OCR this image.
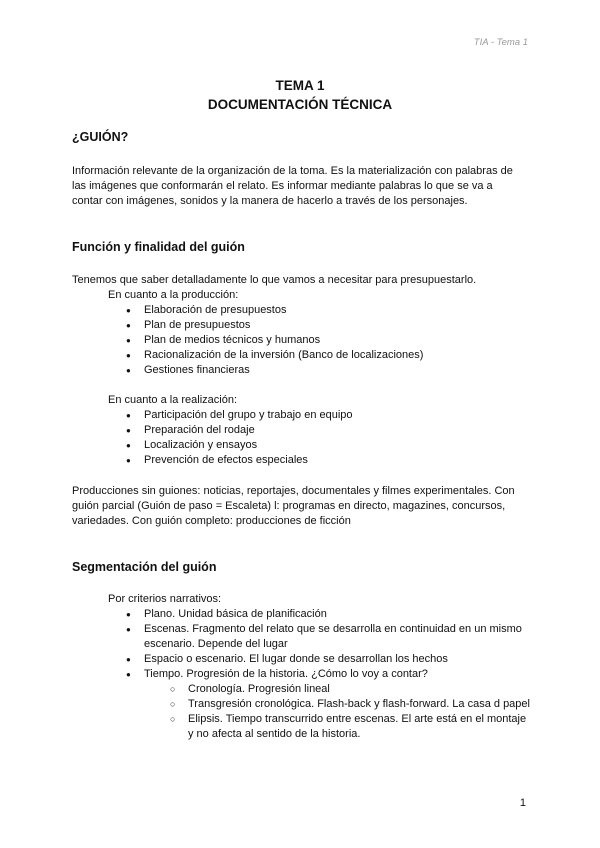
TIA - Tema 1
TEMA 1
DOCUMENTACIÓN TÉCNICA
¿GUIÓN?
Información relevante de la organización de la toma. Es la materialización con palabras de
las imágenes que conformarán el relato. Es informar mediante palabras lo que se va a
contar con imágenes, sonidos y la manera de hacerlo a través de los personajes.
Función y finalidad del guión
Tenemos que saber detalladamente lo que vamos a necesitar para presupuestarlo.
En cuanto a la producción:
● Elaboración de presupuestos
● Plan de presupuestos
● Plan de medios técnicos y humanos
● Racionalización de la inversión (Banco de localizaciones)
● Gestiones financieras
En cuanto a la realización:
● Participación del grupo y trabajo en equipo
● Preparación del rodaje
● Localización y ensayos
● Prevención de efectos especiales
Producciones sin guiones: noticias, reportajes, documentales y filmes experimentales. Con
guión parcial (Guión de paso = Escaleta) l: programas en directo, magazines, concursos,
variedades. Con guión completo: producciones de ficción
Segmentación del guión
Por criterios narrativos:
● Plano. Unidad básica de planificación
● Escenas. Fragmento del relato que se desarrolla en continuidad en un mismo escenario. Depende del lugar
● Espacio o escenario. El lugar donde se desarrollan los hechos
● Tiempo. Progresión de la historia. ¿Cómo lo voy a contar?
○ Cronología. Progresión lineal
○ Transgresión cronológica. Flash-back y flash-forward. La casa d papel
○ Elipsis. Tiempo transcurrido entre escenas. El arte está en el montaje y no afecta al sentido de la historia.
1
